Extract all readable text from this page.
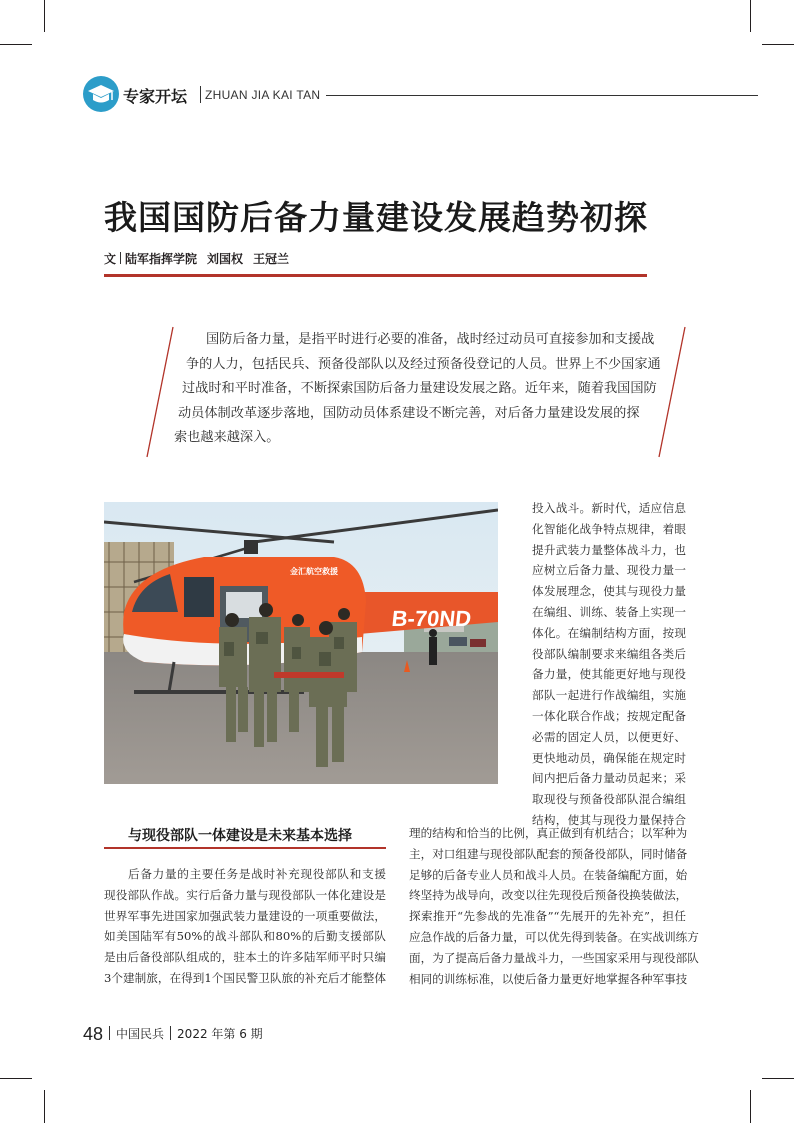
专家开坛 ZHUAN JIA KAI TAN
我国国防后备力量建设发展趋势初探
文 陆军指挥学院 刘国权 王冠兰
国防后备力量，是指平时进行必要的准备，战时经过动员可直接参加和支援战
争的人力，包括民兵、预备役部队以及经过预备役登记的人员。世界上不少国家通
过战时和平时准备，不断探索国防后备力量建设发展之路。近年来，随着我国国防
动员体制改革逐步落地，国防动员体系建设不断完善，对后备力量建设发展的探
索也越来越深入。
B-70ND
金汇航空救援
投入战斗。新时代，适应信息
化智能化战争特点规律，着眼
提升武装力量整体战斗力，也
应树立后备力量、现役力量一
体发展理念，使其与现役力量
在编组、训练、装备上实现一
体化。在编制结构方面，按现
役部队编制要求来编组各类后
备力量，使其能更好地与现役
部队一起进行作战编组，实施
一体化联合作战；按规定配备
必需的固定人员，以便更好、
更快地动员，确保能在规定时
间内把后备力量动员起来；采
取现役与预备役部队混合编组
结构，使其与现役力量保持合
与现役部队一体建设是未来基本选择
后备力量的主要任务是战时补充现役部队和支援
现役部队作战。实行后备力量与现役部队一体化建设是
世界军事先进国家加强武装力量建设的一项重要做法，
如美国陆军有50%的战斗部队和80%的后勤支援部队
是由后备役部队组成的，驻本土的许多陆军师平时只编
3个建制旅，在得到1个国民警卫队旅的补充后才能整体
理的结构和恰当的比例，真正做到有机结合；以军种为
主，对口组建与现役部队配套的预备役部队，同时储备
足够的后备专业人员和战斗人员。在装备编配方面，始
终坚持为战导向，改变以往先现役后预备役换装做法，
探索推开“先参战的先准备”“先展开的先补充”，担任
应急作战的后备力量，可以优先得到装备。在实战训练方
面，为了提高后备力量战斗力，一些国家采用与现役部队
相同的训练标准，以使后备力量更好地掌握各种军事技
48 中国民兵 2022 年第 6 期
